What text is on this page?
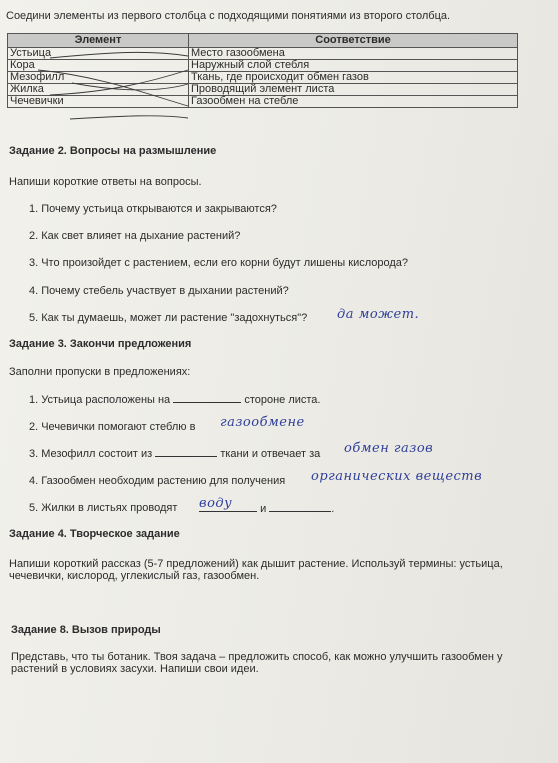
Соедини элементы из первого столбца с подходящими понятиями из второго столбца.
Элемент	Соответствие
Устьица	Место газообмена
Кора	Наружный слой стебля
Мезофилл	Ткань, где происходит обмен газов
Жилка	Проводящий элемент листа
Чечевички	Газообмен на стебле
Задание 2. Вопросы на размышление
Напиши короткие ответы на вопросы.
1. Почему устьица открываются и закрываются?
2. Как свет влияет на дыхание растений?
3. Что произойдет с растением, если его корни будут лишены кислорода?
4. Почему стебель участвует в дыхании растений?
5. Как ты думаешь, может ли растение "задохнуться"? да может.
Задание 3. Закончи предложения
Заполни пропуски в предложениях:
1. Устьица расположены на	стороне листа.
2. Чечевички помогают стеблю в газообмене
3. Мезофилл состоит из	ткани и отвечает за обмен газов
4. Газообмен необходим растению для получения органических веществ
5. Жилки в листьях проводят воду	и	.
Задание 4. Творческое задание
Напиши короткий рассказ (5-7 предложений) как дышит растение. Используй термины: устьица,
чечевички, кислород, углекислый газ, газообмен.
Задание 8. Вызов природы
Представь, что ты ботаник. Твоя задача – предложить способ, как можно улучшить газообмен у
растений в условиях засухи. Напиши свои идеи.
